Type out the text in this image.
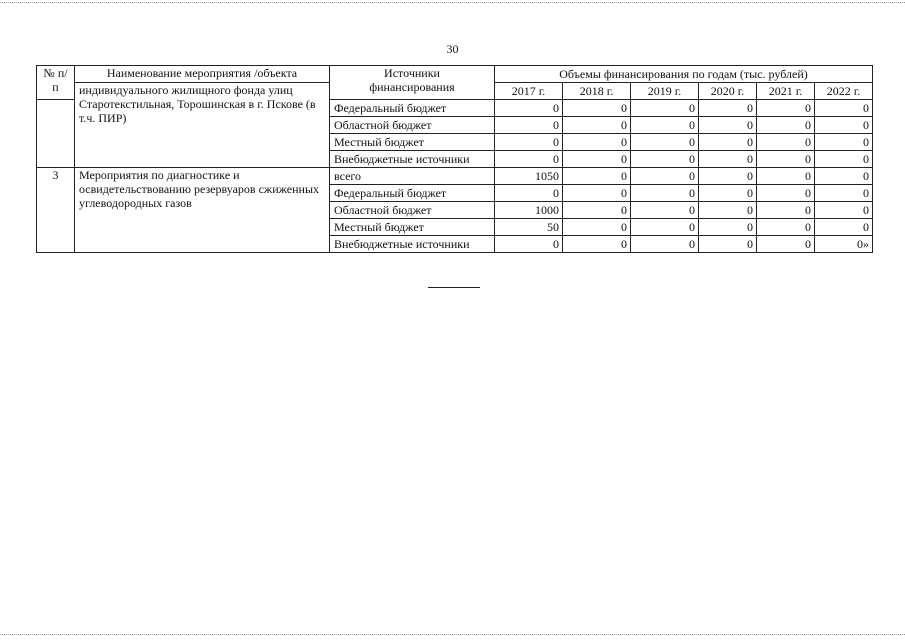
30
№ п/п	Наименование мероприятия /объекта	Источники финансирования	Объемы финансирования по годам (тыс. рублей)					
	индивидуального жилищного фонда улиц Старотекстильная, Торошинская в г. Пскове (в т.ч. ПИР)		2017 г.	2018 г.	2019 г.	2020 г.	2021 г.	2022 г.
		Федеральный бюджет	0	0	0	0	0	0
		Областной бюджет	0	0	0	0	0	0
		Местный бюджет	0	0	0	0	0	0
		Внебюджетные источники	0	0	0	0	0	0
3	Мероприятия по диагностике и освидетельствованию резервуаров сжиженных углеводородных газов	всего	1050	0	0	0	0	0
		Федеральный бюджет	0	0	0	0	0	0
		Областной бюджет	1000	0	0	0	0	0
		Местный бюджет	50	0	0	0	0	0
		Внебюджетные источники	0	0	0	0	0	0»
